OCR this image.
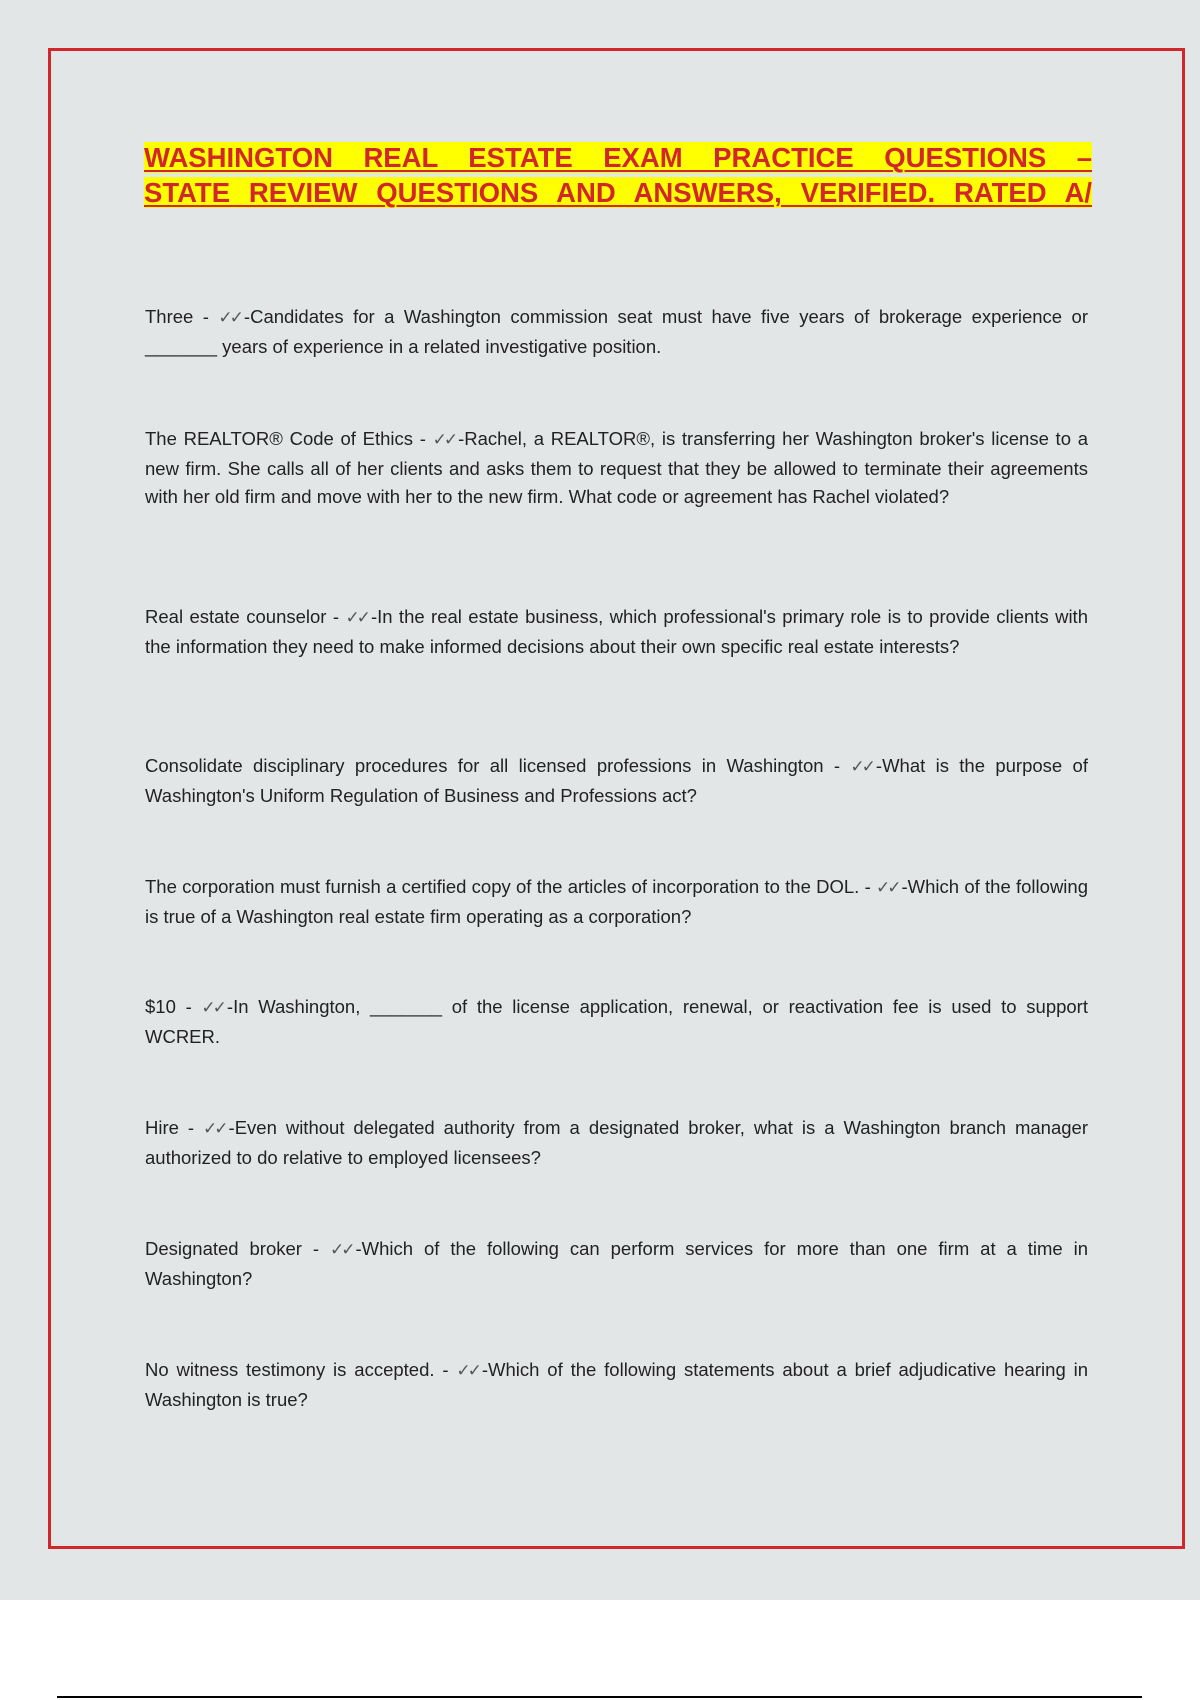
WASHINGTON REAL ESTATE EXAM PRACTICE QUESTIONS –
STATE REVIEW QUESTIONS AND ANSWERS, VERIFIED. RATED A/

Three - ✓✓ -Candidates for a Washington commission seat must have five years of brokerage experience or _______ years of experience in a related investigative position.

The REALTOR® Code of Ethics - ✓✓ -Rachel, a REALTOR®, is transferring her Washington broker's license to a new firm. She calls all of her clients and asks them to request that they be allowed to terminate their agreements with her old firm and move with her to the new firm. What code or agreement has Rachel violated?

Real estate counselor - ✓✓ -In the real estate business, which professional's primary role is to provide clients with the information they need to make informed decisions about their own specific real estate interests?

Consolidate disciplinary procedures for all licensed professions in Washington - ✓✓ -What is the purpose of Washington's Uniform Regulation of Business and Professions act?

The corporation must furnish a certified copy of the articles of incorporation to the DOL. - ✓✓ -Which of the following is true of a Washington real estate firm operating as a corporation?

$10 - ✓✓ -In Washington, _______ of the license application, renewal, or reactivation fee is used to support WCRER.

Hire - ✓✓ -Even without delegated authority from a designated broker, what is a Washington branch manager authorized to do relative to employed licensees?

Designated broker - ✓✓ -Which of the following can perform services for more than one firm at a time in Washington?

No witness testimony is accepted. - ✓✓ -Which of the following statements about a brief adjudicative hearing in Washington is true?
